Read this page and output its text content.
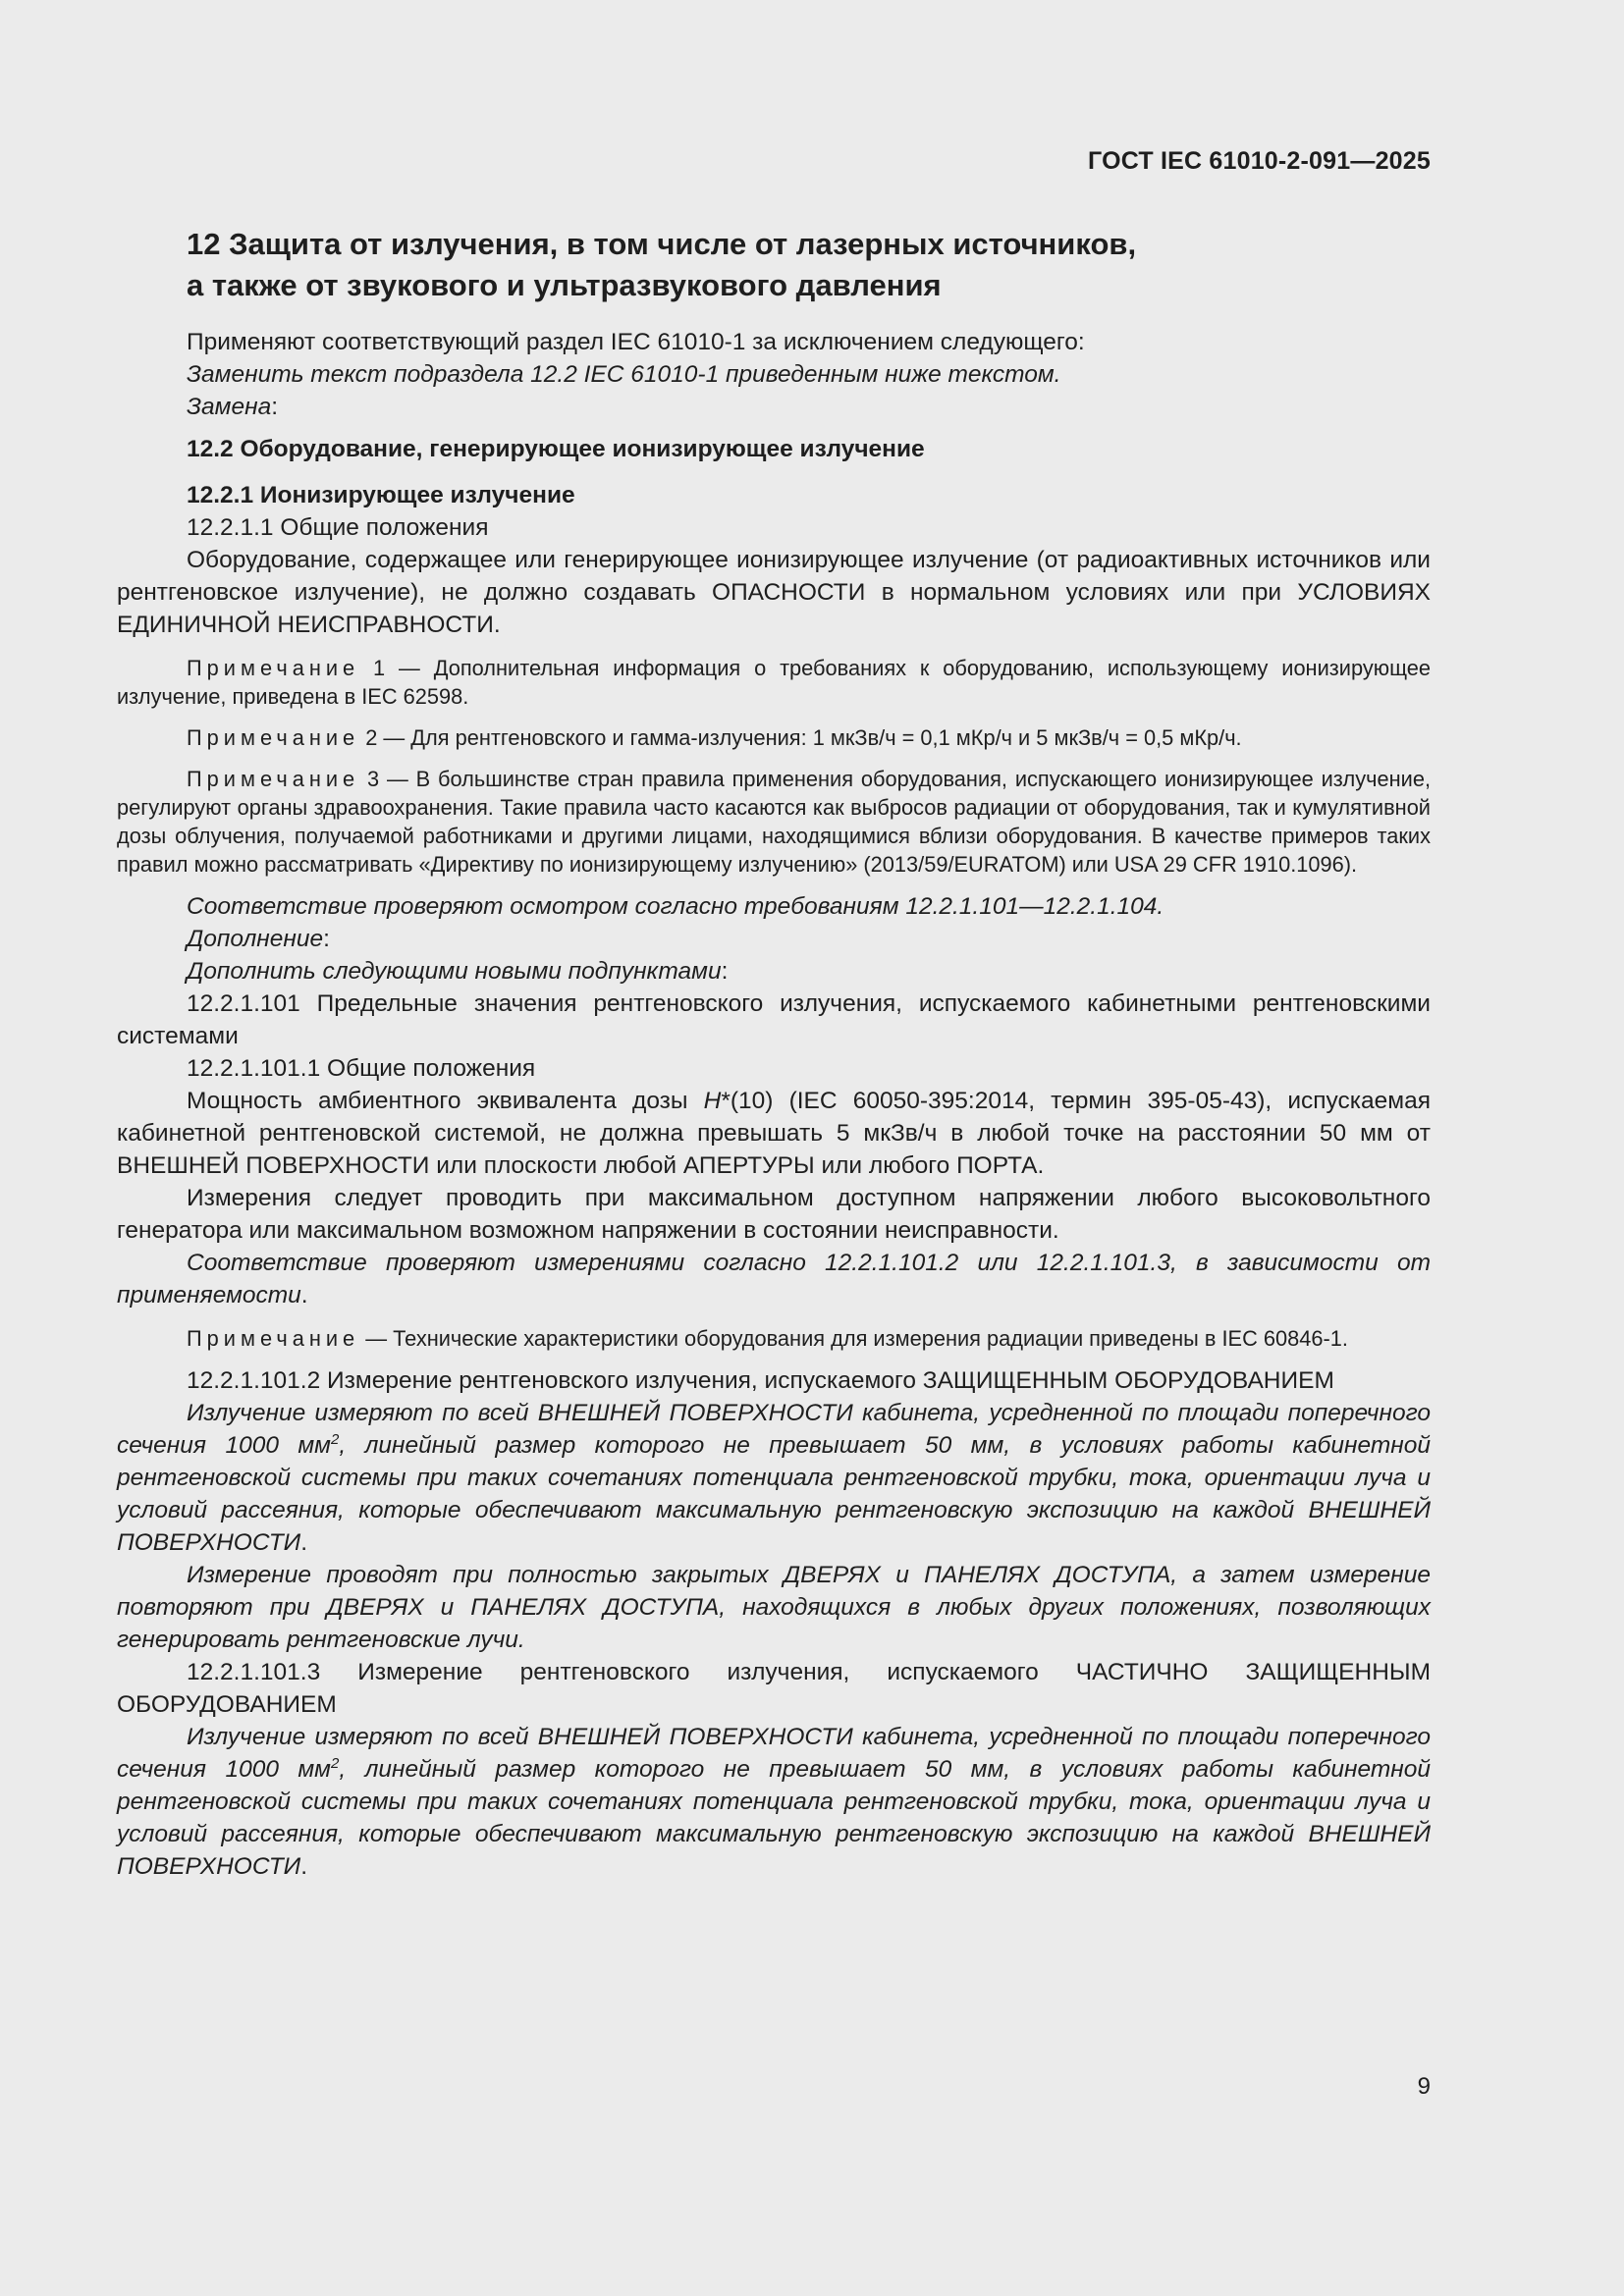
ГОСТ IEC 61010-2-091—2025

12 Защита от излучения, в том числе от лазерных источников,
а также от звукового и ультразвукового давления

Применяют соответствующий раздел IEC 61010-1 за исключением следующего:

Заменить текст подраздела 12.2 IEC 61010-1 приведенным ниже текстом.

Замена:

12.2 Оборудование, генерирующее ионизирующее излучение

12.2.1 Ионизирующее излучение

12.2.1.1 Общие положения

Оборудование, содержащее или генерирующее ионизирующее излучение (от радиоактивных источников или рентгеновское излучение), не должно создавать ОПАСНОСТИ в нормальном условиях или при УСЛОВИЯХ ЕДИНИЧНОЙ НЕИСПРАВНОСТИ.

Примечание 1 — Дополнительная информация о требованиях к оборудованию, использующему ионизирующее излучение, приведена в IEC 62598.

Примечание 2 — Для рентгеновского и гамма-излучения: 1 мкЗв/ч = 0,1 мКр/ч и 5 мкЗв/ч = 0,5 мКр/ч.

Примечание 3 — В большинстве стран правила применения оборудования, испускающего ионизирующее излучение, регулируют органы здравоохранения. Такие правила часто касаются как выбросов радиации от оборудования, так и кумулятивной дозы облучения, получаемой работниками и другими лицами, находящимися вблизи оборудования. В качестве примеров таких правил можно рассматривать «Директиву по ионизирующему излучению» (2013/59/EURATOM) или USA 29 CFR 1910.1096).

Соответствие проверяют осмотром согласно требованиям 12.2.1.101—12.2.1.104.

Дополнение:

Дополнить следующими новыми подпунктами:

12.2.1.101 Предельные значения рентгеновского излучения, испускаемого кабинетными рентгеновскими системами

12.2.1.101.1 Общие положения

Мощность амбиентного эквивалента дозы H*(10) (IEC 60050-395:2014, термин 395-05-43), испускаемая кабинетной рентгеновской системой, не должна превышать 5 мкЗв/ч в любой точке на расстоянии 50 мм от ВНЕШНЕЙ ПОВЕРХНОСТИ или плоскости любой АПЕРТУРЫ или любого ПОРТА.

Измерения следует проводить при максимальном доступном напряжении любого высоковольтного генератора или максимальном возможном напряжении в состоянии неисправности.

Соответствие проверяют измерениями согласно 12.2.1.101.2 или 12.2.1.101.3, в зависимости от применяемости.

Примечание — Технические характеристики оборудования для измерения радиации приведены в IEC 60846-1.

12.2.1.101.2 Измерение рентгеновского излучения, испускаемого ЗАЩИЩЕННЫМ ОБОРУДОВАНИЕМ

Излучение измеряют по всей ВНЕШНЕЙ ПОВЕРХНОСТИ кабинета, усредненной по площади поперечного сечения 1000 $мм^2$, линейный размер которого не превышает 50 мм, в условиях работы кабинетной рентгеновской системы при таких сочетаниях потенциала рентгеновской трубки, тока, ориентации луча и условий рассеяния, которые обеспечивают максимальную рентгеновскую экспозицию на каждой ВНЕШНЕЙ ПОВЕРХНОСТИ.

Измерение проводят при полностью закрытых ДВЕРЯХ и ПАНЕЛЯХ ДОСТУПА, а затем измерение повторяют при ДВЕРЯХ и ПАНЕЛЯХ ДОСТУПА, находящихся в любых других положениях, позволяющих генерировать рентгеновские лучи.

12.2.1.101.3 Измерение рентгеновского излучения, испускаемого ЧАСТИЧНО ЗАЩИЩЕННЫМ ОБОРУДОВАНИЕМ

Излучение измеряют по всей ВНЕШНЕЙ ПОВЕРХНОСТИ кабинета, усредненной по площади поперечного сечения 1000 $мм^2$, линейный размер которого не превышает 50 мм, в условиях работы кабинетной рентгеновской системы при таких сочетаниях потенциала рентгеновской трубки, тока, ориентации луча и условий рассеяния, которые обеспечивают максимальную рентгеновскую экспозицию на каждой ВНЕШНЕЙ ПОВЕРХНОСТИ.

9
